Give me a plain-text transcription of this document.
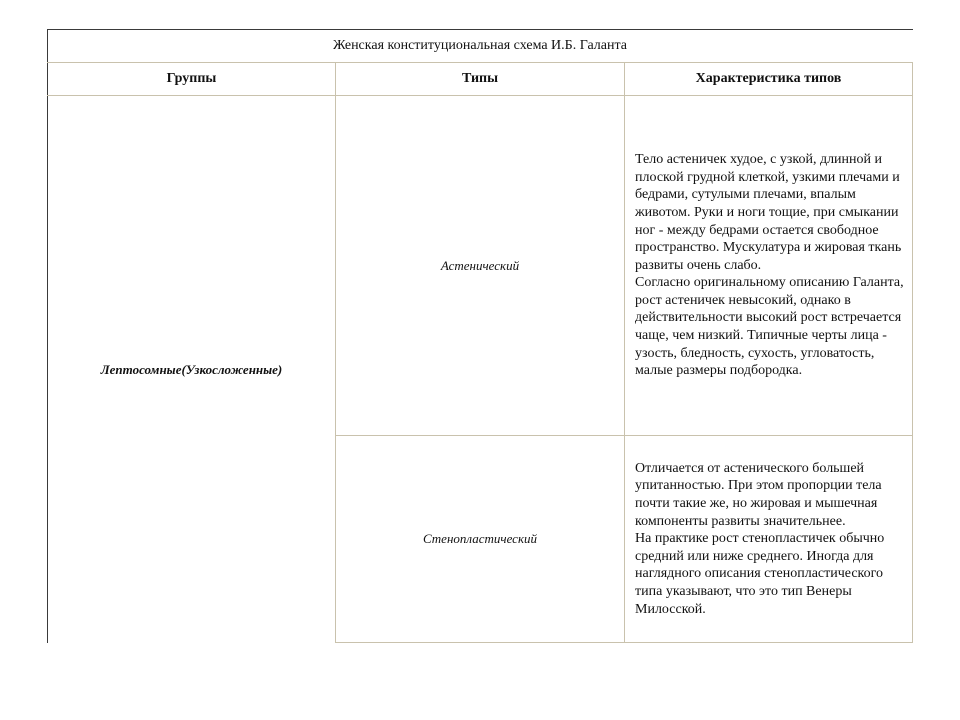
Женская конституциональная схема И.Б. Галанта
Группы	Типы	Характеристика типов
Лептосомные(Узкосложенные)
Астенический

Тело астеничек худое, с узкой, длинной и плоской грудной клеткой, узкими плечами и бедрами, сутулыми плечами, впалым животом. Руки и ноги тощие, при смыкании ног - между бедрами остается свободное пространство. Мускулатура и жировая ткань развиты очень слабо.

Согласно оригинальному описанию Галанта, рост астеничек невысокий, однако в действительности высокий рост встречается чаще, чем низкий. Типичные черты лица - узость, бледность, сухость, угловатость, малые размеры подбородка.

Стенопластический

Отличается от астенического большей упитанностью. При этом пропорции тела почти такие же, но жировая и мышечная компоненты развиты значительнее.

На практике рост стенопластичек обычно средний или ниже среднего. Иногда для наглядного описания стенопластического типа указывают, что это тип Венеры Милосской.
